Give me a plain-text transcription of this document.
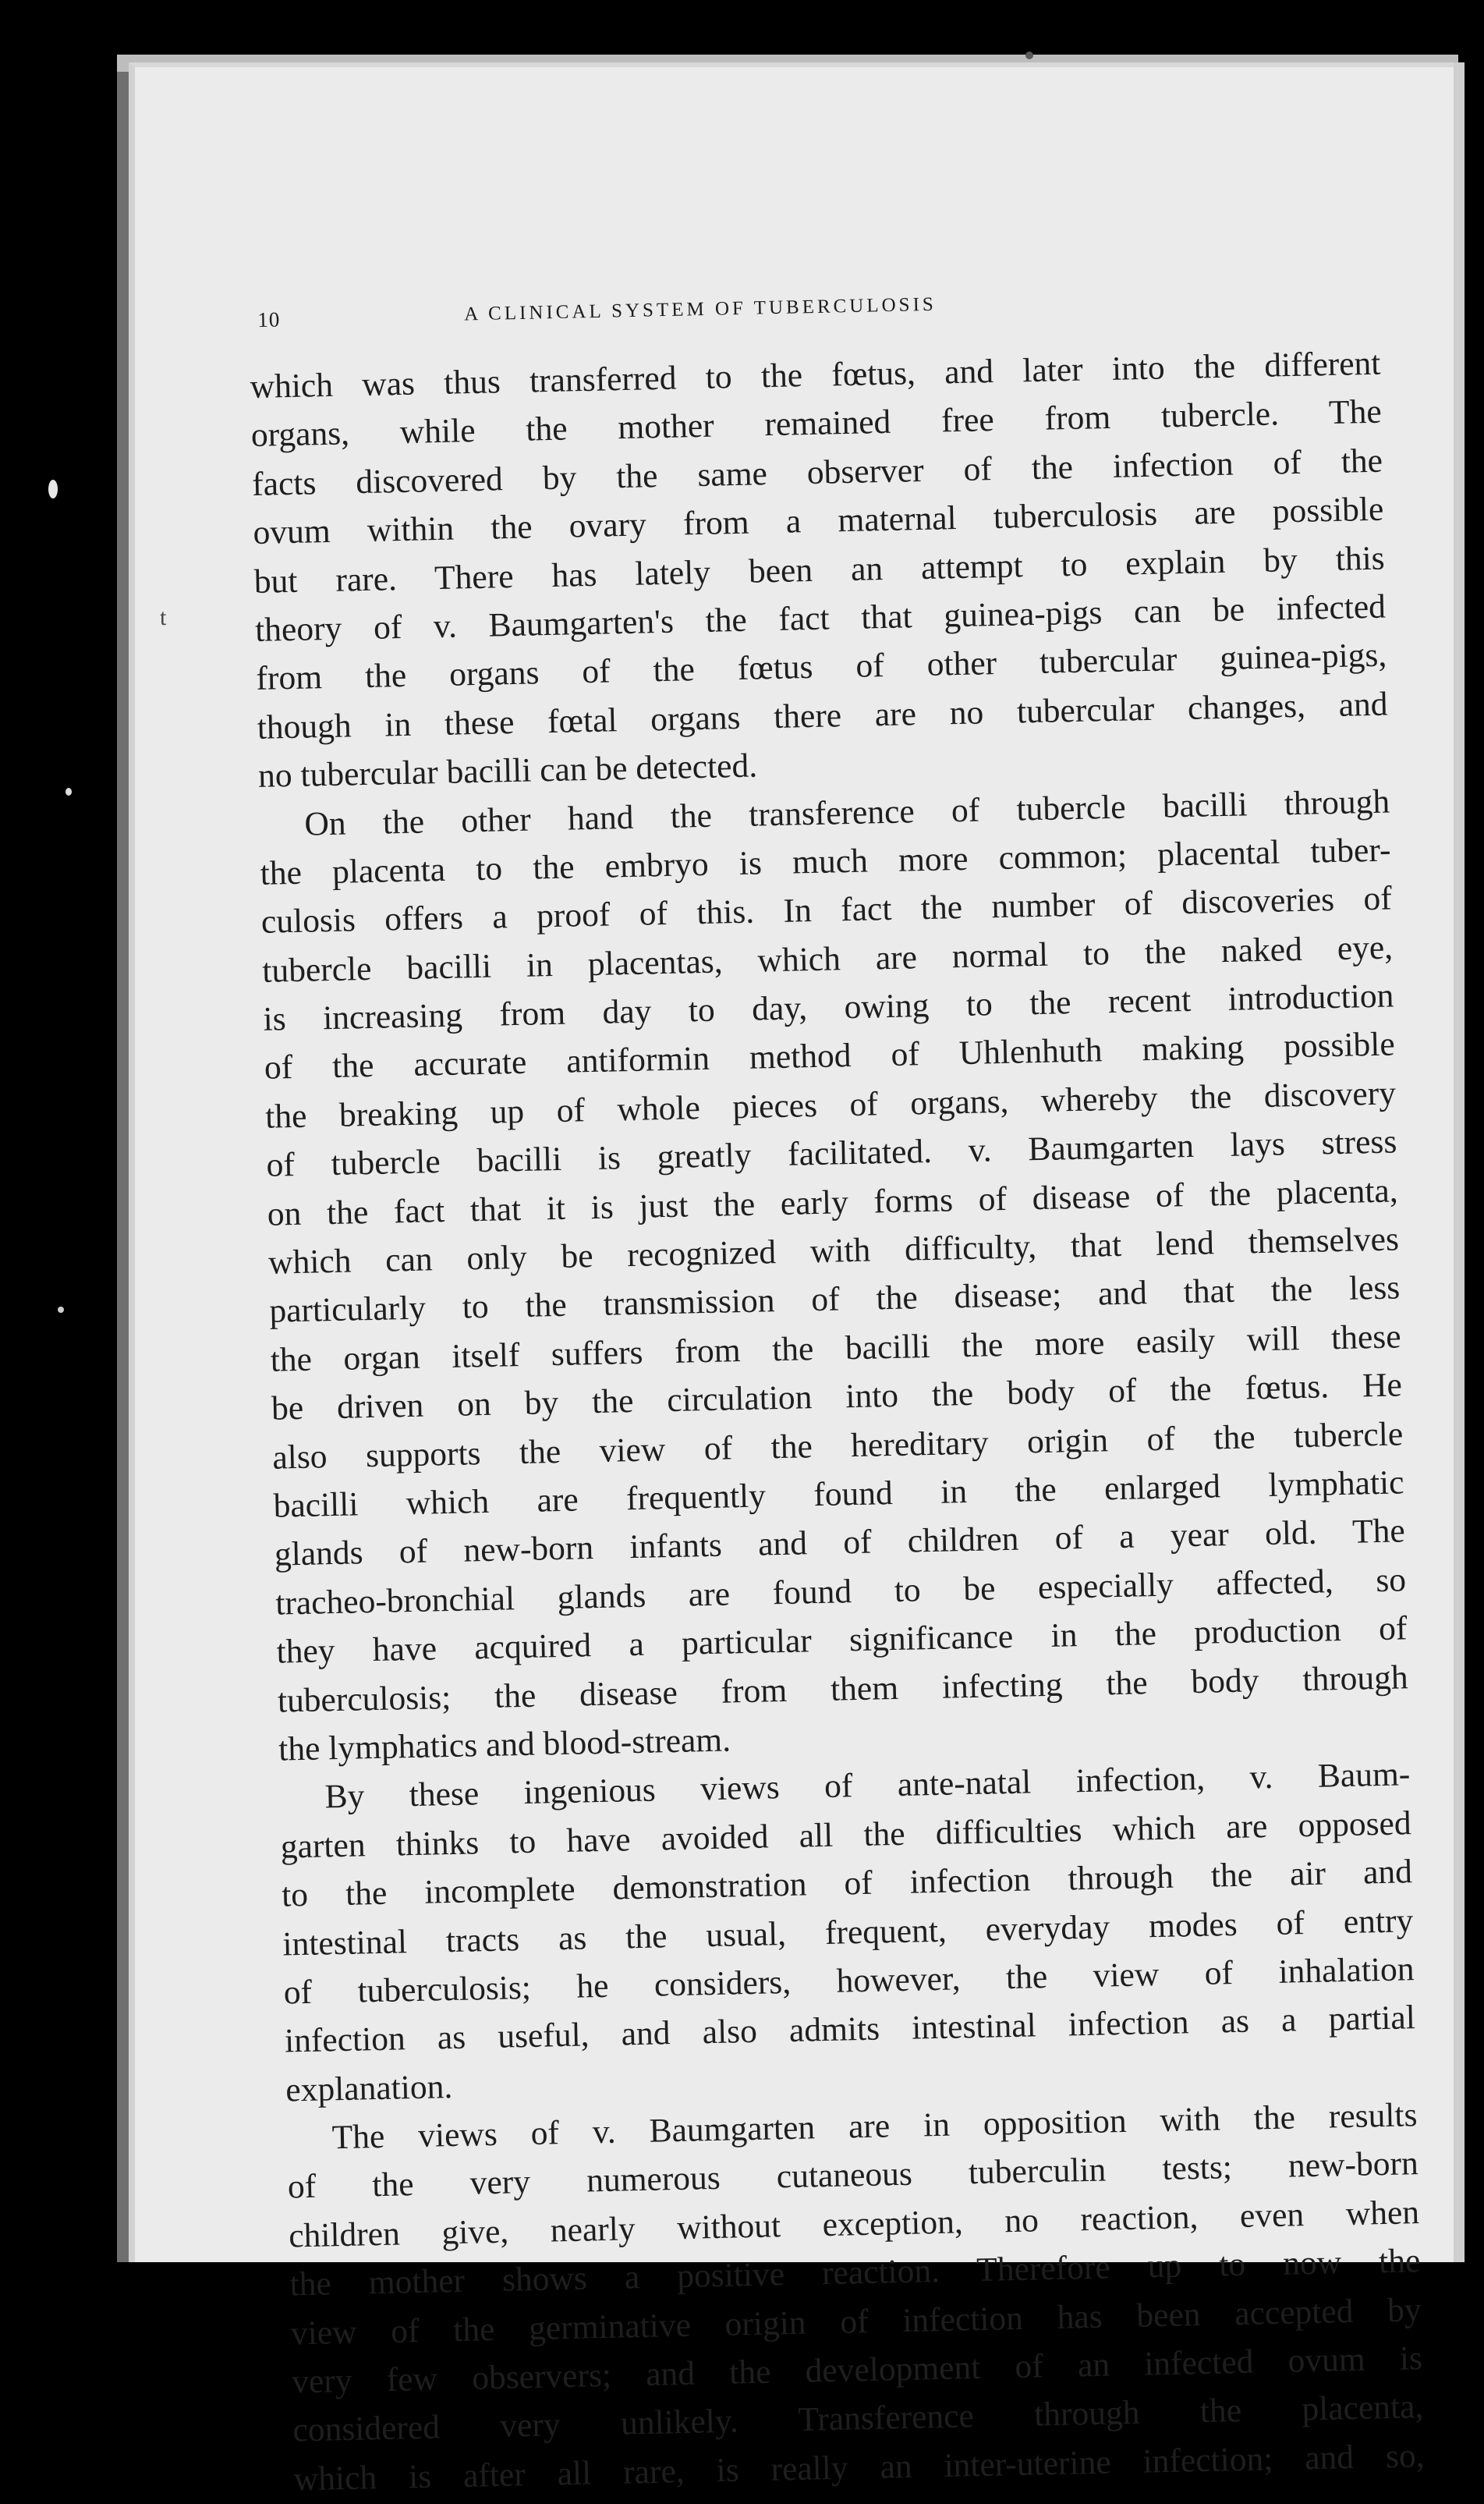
t
10	A CLINICAL SYSTEM OF TUBERCULOSIS
which was thus transferred to the fœtus, and later into the different
organs, while the mother remained free from tubercle. The
facts discovered by the same observer of the infection of the
ovum within the ovary from a maternal tuberculosis are possible
but rare. There has lately been an attempt to explain by this
theory of v. Baumgarten's the fact that guinea-pigs can be infected
from the organs of the fœtus of other tubercular guinea-pigs,
though in these fœtal organs there are no tubercular changes, and
no tubercular bacilli can be detected.
On the other hand the transference of tubercle bacilli through
the placenta to the embryo is much more common; placental tuber-
culosis offers a proof of this. In fact the number of discoveries of
tubercle bacilli in placentas, which are normal to the naked eye,
is increasing from day to day, owing to the recent introduction
of the accurate antiformin method of Uhlenhuth making possible
the breaking up of whole pieces of organs, whereby the discovery
of tubercle bacilli is greatly facilitated. v. Baumgarten lays stress
on the fact that it is just the early forms of disease of the placenta,
which can only be recognized with difficulty, that lend themselves
particularly to the transmission of the disease; and that the less
the organ itself suffers from the bacilli the more easily will these
be driven on by the circulation into the body of the fœtus. He
also supports the view of the hereditary origin of the tubercle
bacilli which are frequently found in the enlarged lymphatic
glands of new-born infants and of children of a year old. The
tracheo-bronchial glands are found to be especially affected, so
they have acquired a particular significance in the production of
tuberculosis; the disease from them infecting the body through
the lymphatics and blood-stream.
By these ingenious views of ante-natal infection, v. Baum-
garten thinks to have avoided all the difficulties which are opposed
to the incomplete demonstration of infection through the air and
intestinal tracts as the usual, frequent, everyday modes of entry
of tuberculosis; he considers, however, the view of inhalation
infection as useful, and also admits intestinal infection as a partial
explanation.
The views of v. Baumgarten are in opposition with the results
of the very numerous cutaneous tuberculin tests; new-born
children give, nearly without exception, no reaction, even when
the mother shows a positive reaction. Therefore up to now the
view of the germinative origin of infection has been accepted by
very few observers; and the development of an infected ovum is
considered very unlikely. Transference through the placenta,
which is after all rare, is really an inter-uterine infection; and so,
